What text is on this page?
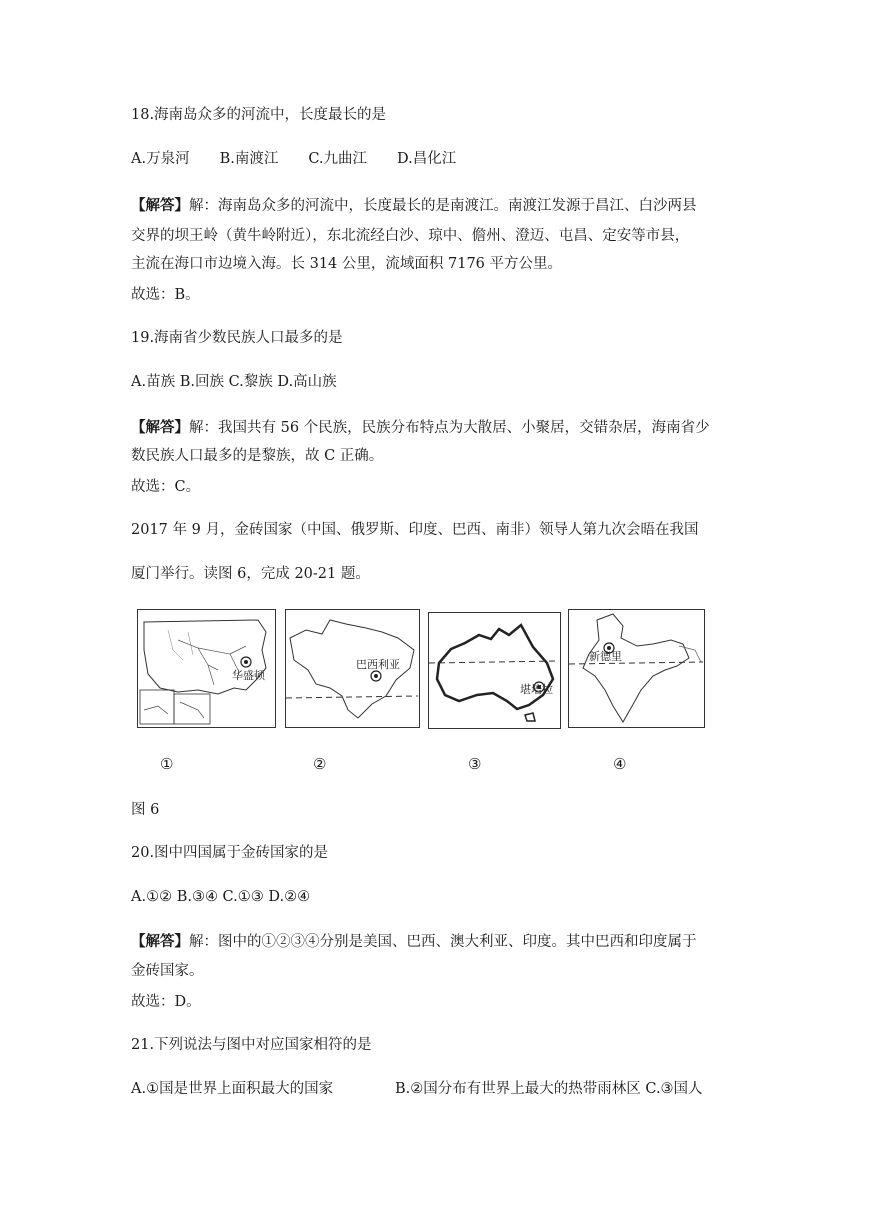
18.海南岛众多的河流中，长度最长的是
A.万泉河 B.南渡江 C.九曲江 D.昌化江
【解答】解：海南岛众多的河流中，长度最长的是南渡江。南渡江发源于昌江、白沙两县
交界的坝王岭（黄牛岭附近），东北流经白沙、琼中、儋州、澄迈、屯昌、定安等市县，
主流在海口市边境入海。长 314 公里，流域面积 7176 平方公里。
故选：B。
19.海南省少数民族人口最多的是
A.苗族 B.回族 C.黎族 D.高山族
【解答】解：我国共有 56 个民族，民族分布特点为大散居、小聚居，交错杂居，海南省少
数民族人口最多的是黎族，故 C 正确。
故选：C。
2017 年 9 月，金砖国家（中国、俄罗斯、印度、巴西、南非）领导人第九次会晤在我国
厦门举行。读图 6，完成 20-21 题。
华盛顿
巴西利亚
堪培拉
新德里
①	②	③	④
图 6
20.图中四国属于金砖国家的是
A.①② B.③④ C.①③ D.②④
【解答】解：图中的①②③④分别是美国、巴西、澳大利亚、印度。其中巴西和印度属于
金砖国家。
故选：D。
21.下列说法与图中对应国家相符的是
A.①国是世界上面积最大的国家	B.②国分布有世界上最大的热带雨林区 C.③国人
